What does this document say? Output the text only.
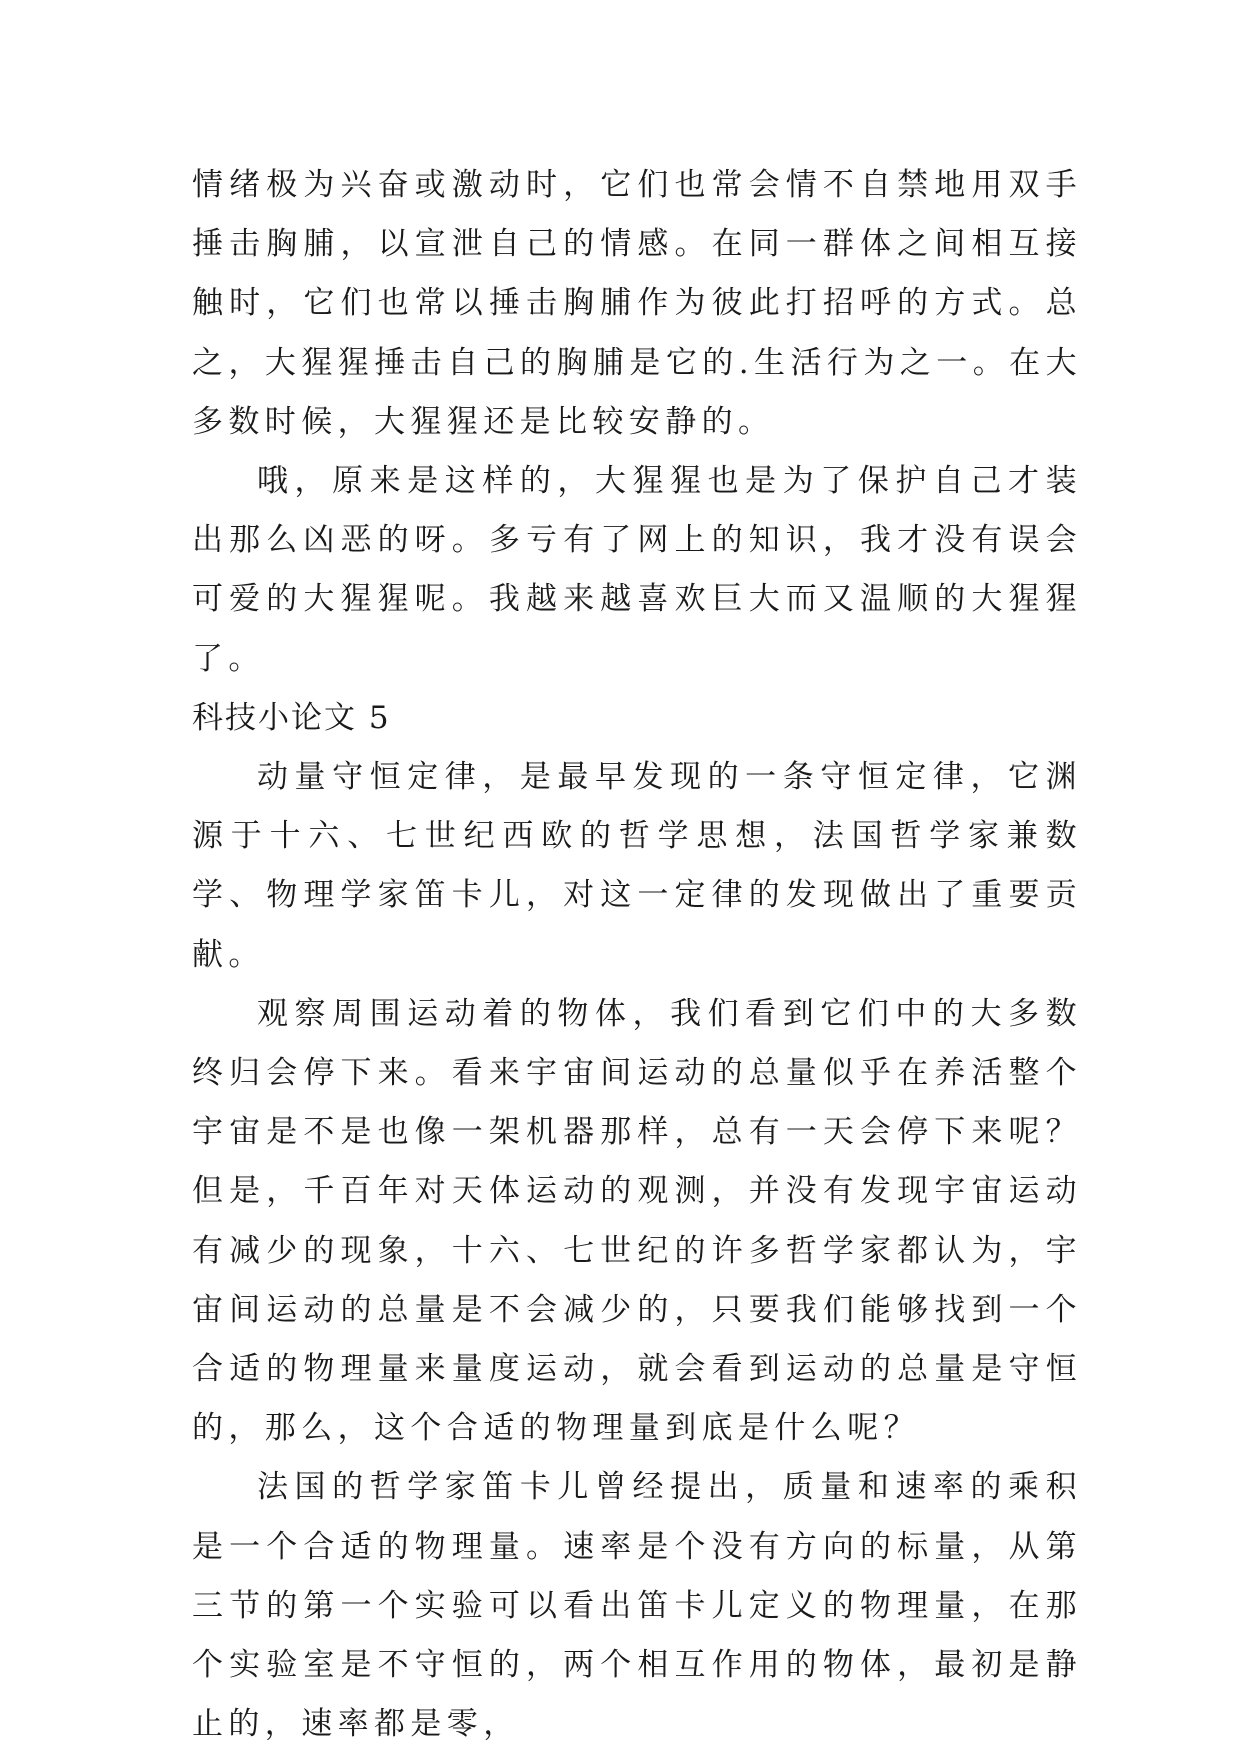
情绪极为兴奋或激动时，它们也常会情不自禁地用双手捶击胸脯，以宣泄自己的情感。在同一群体之间相互接触时，它们也常以捶击胸脯作为彼此打招呼的方式。总之，大猩猩捶击自己的胸脯是它的.生活行为之一。在大多数时候，大猩猩还是比较安静的。

哦，原来是这样的，大猩猩也是为了保护自己才装出那么凶恶的呀。多亏有了网上的知识，我才没有误会可爱的大猩猩呢。我越来越喜欢巨大而又温顺的大猩猩了。

科技小论文 5

动量守恒定律，是最早发现的一条守恒定律，它渊源于十六、七世纪西欧的哲学思想，法国哲学家兼数学、物理学家笛卡儿，对这一定律的发现做出了重要贡献。

观察周围运动着的物体，我们看到它们中的大多数终归会停下来。看来宇宙间运动的总量似乎在养活整个宇宙是不是也像一架机器那样，总有一天会停下来呢？但是，千百年对天体运动的观测，并没有发现宇宙运动有减少的现象，十六、七世纪的许多哲学家都认为，宇宙间运动的总量是不会减少的，只要我们能够找到一个合适的物理量来量度运动，就会看到运动的总量是守恒的，那么，这个合适的物理量到底是什么呢？

法国的哲学家笛卡儿曾经提出，质量和速率的乘积是一个合适的物理量。速率是个没有方向的标量，从第三节的第一个实验可以看出笛卡儿定义的物理量，在那个实验室是不守恒的，两个相互作用的物体，最初是静止的，速率都是零，
